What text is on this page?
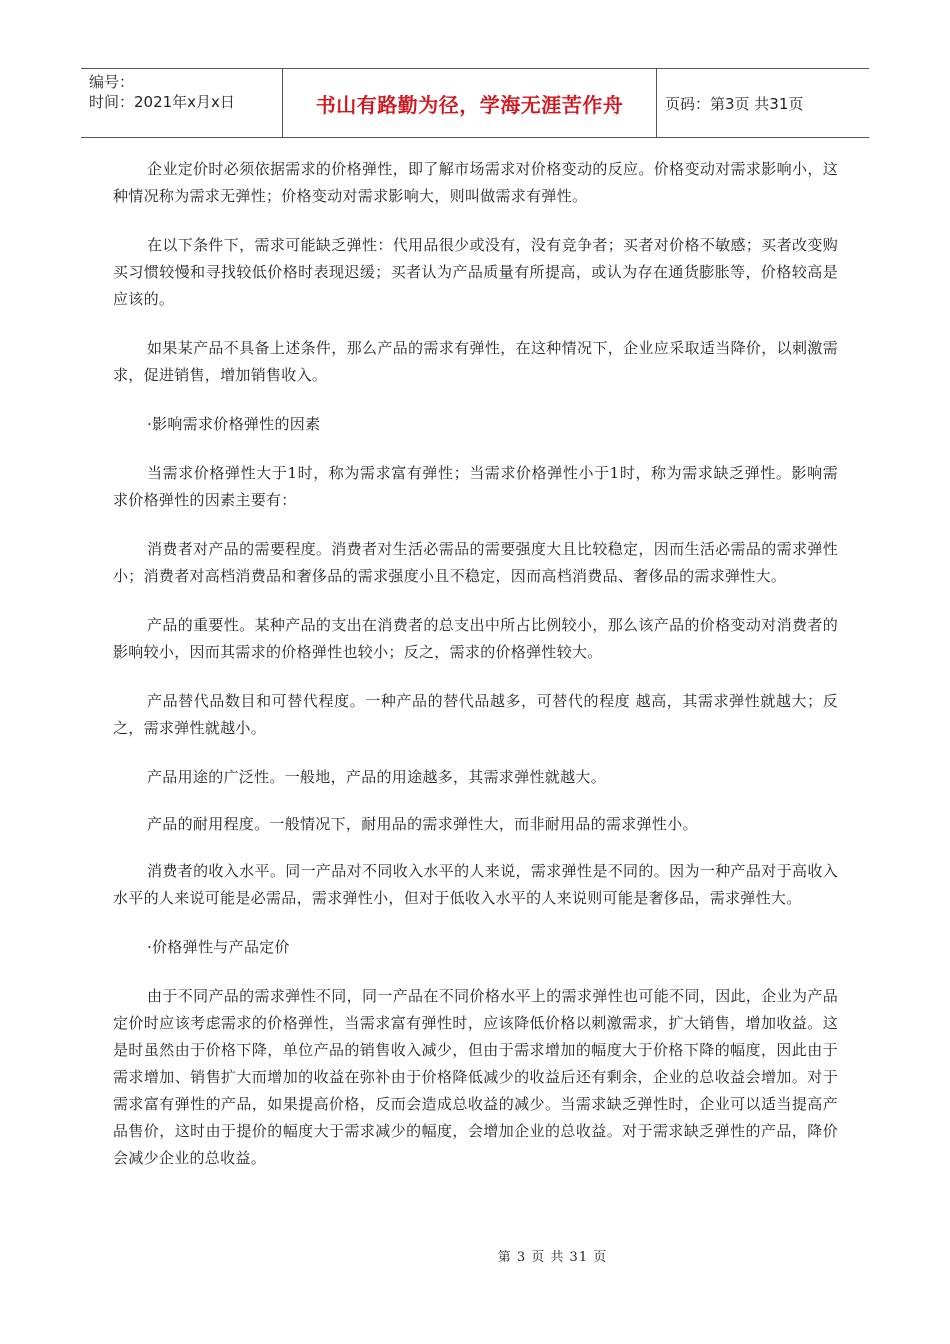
编号：
时间：2021年x月x日	书山有路勤为径，学海无涯苦作舟	页码：第3页 共31页

企业定价时必须依据需求的价格弹性，即了解市场需求对价格变动的反应。价格变动对需求影响小，这种情况称为需求无弹性；价格变动对需求影响大，则叫做需求有弹性。

在以下条件下，需求可能缺乏弹性：代用品很少或没有，没有竞争者；买者对价格不敏感；买者改变购买习惯较慢和寻找较低价格时表现迟缓；买者认为产品质量有所提高，或认为存在通货膨胀等，价格较高是应该的。

如果某产品不具备上述条件，那么产品的需求有弹性，在这种情况下，企业应采取适当降价，以刺激需求，促进销售，增加销售收入。

·影响需求价格弹性的因素

当需求价格弹性大于1时，称为需求富有弹性；当需求价格弹性小于1时，称为需求缺乏弹性。影响需求价格弹性的因素主要有：

消费者对产品的需要程度。消费者对生活必需品的需要强度大且比较稳定，因而生活必需品的需求弹性小；消费者对高档消费品和奢侈品的需求强度小且不稳定，因而高档消费品、奢侈品的需求弹性大。

产品的重要性。某种产品的支出在消费者的总支出中所占比例较小，那么该产品的价格变动对消费者的影响较小，因而其需求的价格弹性也较小；反之，需求的价格弹性较大。

产品替代品数目和可替代程度。一种产品的替代品越多，可替代的程度 越高，其需求弹性就越大；反之，需求弹性就越小。

产品用途的广泛性。一般地，产品的用途越多，其需求弹性就越大。

产品的耐用程度。一般情况下，耐用品的需求弹性大，而非耐用品的需求弹性小。

消费者的收入水平。同一产品对不同收入水平的人来说，需求弹性是不同的。因为一种产品对于高收入水平的人来说可能是必需品，需求弹性小，但对于低收入水平的人来说则可能是奢侈品，需求弹性大。

·价格弹性与产品定价

由于不同产品的需求弹性不同，同一产品在不同价格水平上的需求弹性也可能不同，因此，企业为产品定价时应该考虑需求的价格弹性，当需求富有弹性时，应该降低价格以刺激需求，扩大销售，增加收益。这是时虽然由于价格下降，单位产品的销售收入减少，但由于需求增加的幅度大于价格下降的幅度，因此由于需求增加、销售扩大而增加的收益在弥补由于价格降低减少的收益后还有剩余，企业的总收益会增加。对于需求富有弹性的产品，如果提高价格，反而会造成总收益的减少。当需求缺乏弹性时，企业可以适当提高产品售价，这时由于提价的幅度大于需求减少的幅度，会增加企业的总收益。对于需求缺乏弹性的产品，降价会减少企业的总收益。

第 3 页 共 31 页
